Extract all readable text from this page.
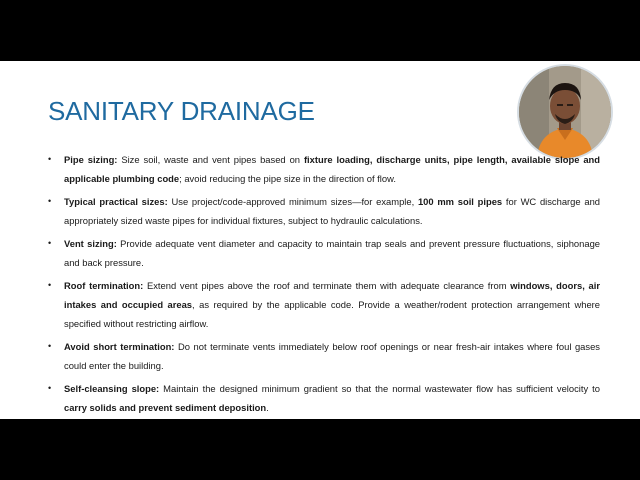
SANITARY DRAINAGE
• Pipe sizing: Size soil, waste and vent pipes based on fixture loading, discharge units, pipe length, available slope and applicable plumbing code; avoid reducing the pipe size in the direction of flow.
• Typical practical sizes: Use project/code-approved minimum sizes—for example, 100 mm soil pipes for WC discharge and appropriately sized waste pipes for individual fixtures, subject to hydraulic calculations.
• Vent sizing: Provide adequate vent diameter and capacity to maintain trap seals and prevent pressure fluctuations, siphonage and back pressure.
• Roof termination: Extend vent pipes above the roof and terminate them with adequate clearance from windows, doors, air intakes and occupied areas, as required by the applicable code. Provide a weather/rodent protection arrangement where specified without restricting airflow.
• Avoid short termination: Do not terminate vents immediately below roof openings or near fresh-air intakes where foul gases could enter the building.
• Self-cleansing slope: Maintain the designed minimum gradient so that the normal wastewater flow has sufficient velocity to carry solids and prevent sediment deposition.
